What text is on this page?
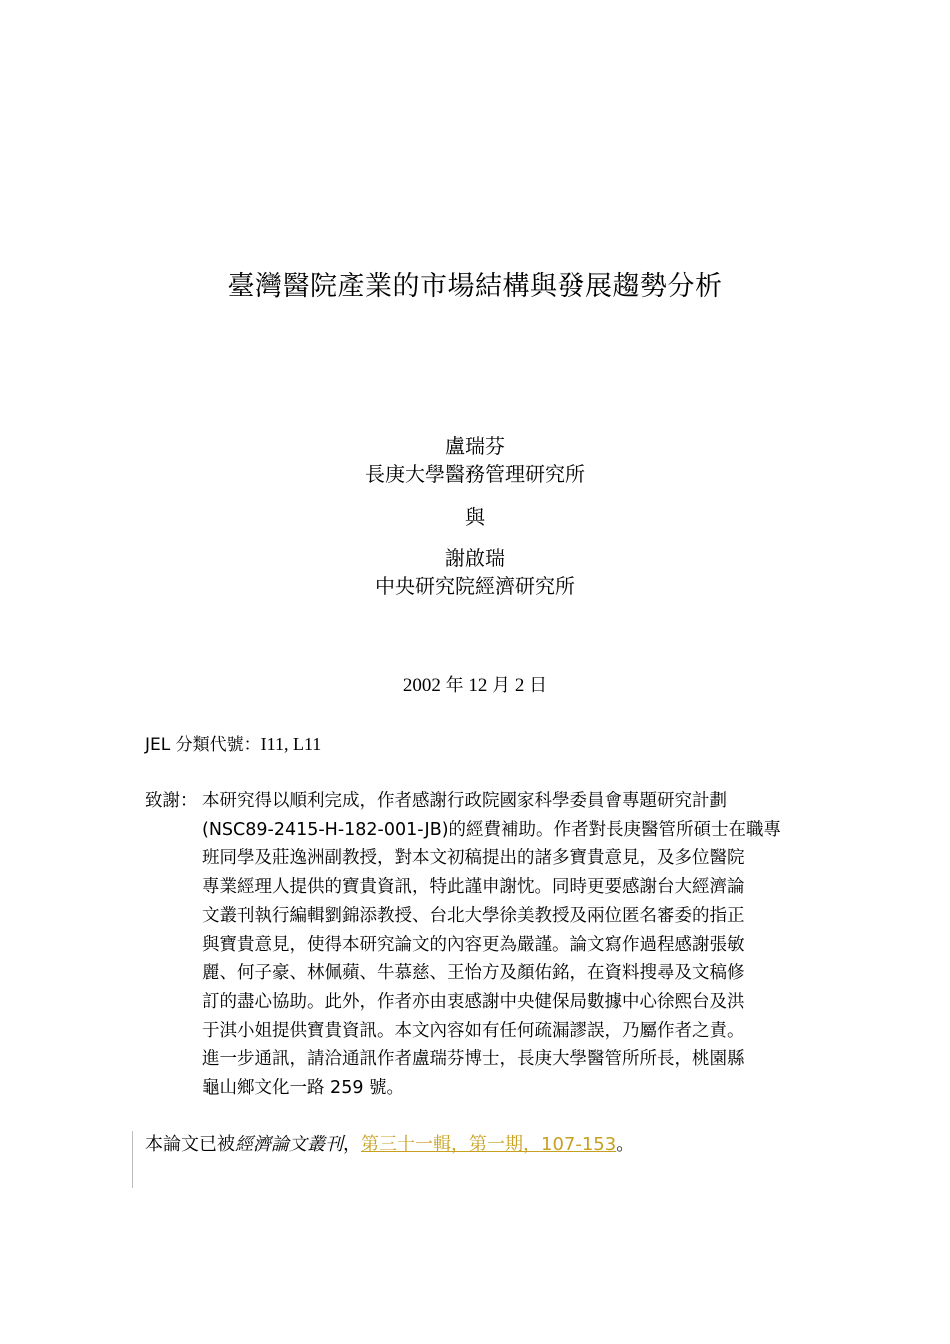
臺灣醫院產業的市場結構與發展趨勢分析
盧瑞芬
長庚大學醫務管理研究所
與
謝啟瑞
中央研究院經濟研究所
2002 年 12 月 2 日
JEL 分類代號：I11, L11
致謝： 本研究得以順利完成，作者感謝行政院國家科學委員會專題研究計劃
(NSC89-2415-H-182-001-JB)的經費補助。作者對長庚醫管所碩士在職專
班同學及莊逸洲副教授，對本文初稿提出的諸多寶貴意見，及多位醫院
專業經理人提供的寶貴資訊，特此謹申謝忱。同時更要感謝台大經濟論
文叢刊執行編輯劉錦添教授、台北大學徐美教授及兩位匿名審委的指正
與寶貴意見，使得本研究論文的內容更為嚴謹。論文寫作過程感謝張敏
麗、何子豪、林佩蘋、牛慕慈、王怡方及顏佑銘，在資料搜尋及文稿修
訂的盡心協助。此外，作者亦由衷感謝中央健保局數據中心徐熙台及洪
于淇小姐提供寶貴資訊。本文內容如有任何疏漏謬誤，乃屬作者之責。
進一步通訊，請洽通訊作者盧瑞芬博士，長庚大學醫管所所長，桃園縣
龜山鄉文化一路 259 號。
本論文已被經濟論文叢刊，第三十一輯，第一期，107-153。
